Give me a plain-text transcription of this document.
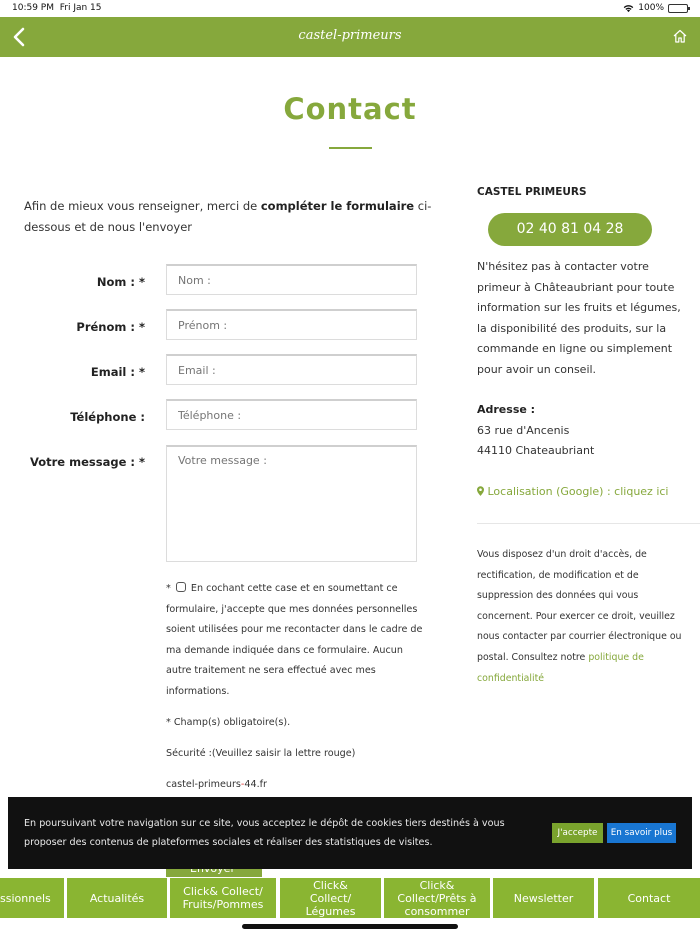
10:59 PM Fri Jan 15	100%
castel-primeurs
Contact

Afin de mieux vous renseigner, merci de compléter le formulaire ci-dessous et de nous l'envoyer

Nom : *
Nom :
Prénom : *
Prénom :
Email : *
Email :
Téléphone :
Téléphone :
Votre message : *
Votre message :

*  En cochant cette case et en soumettant ce formulaire, j'accepte que mes données personnelles soient utilisées pour me recontacter dans le cadre de ma demande indiquée dans ce formulaire. Aucun autre traitement ne sera effectué avec mes informations.

* Champ(s) obligatoire(s).
Sécurité :(Veuillez saisir la lettre rouge)
castel-primeurs-44.fr
CASTEL PRIMEURS
02 40 81 04 28

N'hésitez pas à contacter votre primeur à Châteaubriant pour toute information sur les fruits et légumes, la disponibilité des produits, sur la commande en ligne ou simplement pour avoir un conseil.

Adresse :

63 rue d'Ancenis

44110 Chateaubriant

Localisation (Google) : cliquez ici

Vous disposez d'un droit d'accès, de rectification, de modification et de suppression des données qui vous concernent. Pour exercer ce droit, veuillez nous contacter par courrier électronique ou postal. Consultez notre politique de confidentialité

En poursuivant votre navigation sur ce site, vous acceptez le dépôt de cookies tiers destinés à vous proposer des contenus de plateformes sociales et réaliser des statistiques de visites.
J'accepte	En savoir plus
ssionnels	Actualités	Click& Collect/ Fruits/Pommes
Click& Collect/ Légumes
Click& Collect/Prêts à consommer
Newsletter	Contact
